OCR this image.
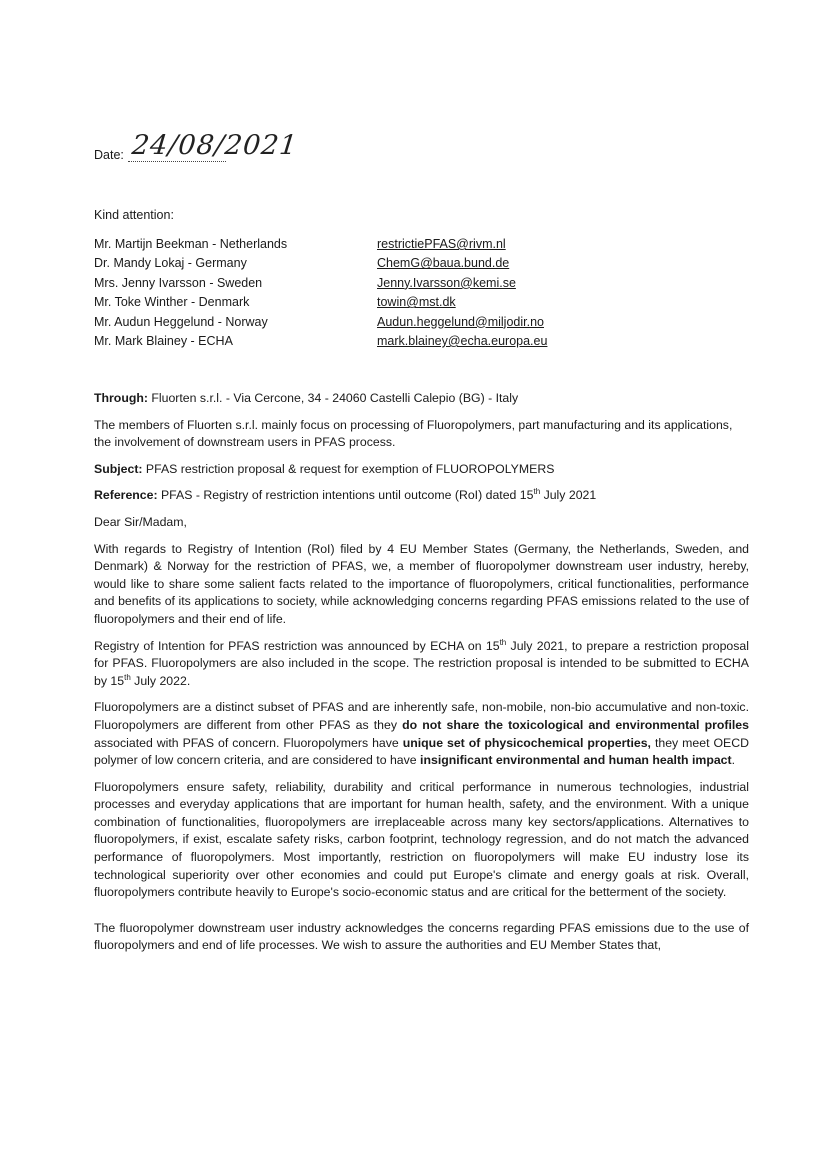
Date: 24/08/2021
Kind attention:
Mr. Martijn Beekman - Netherlands	restrictiePFAS@rivm.nl
Dr. Mandy Lokaj - Germany	ChemG@baua.bund.de
Mrs. Jenny Ivarsson - Sweden	Jenny.Ivarsson@kemi.se
Mr. Toke Winther - Denmark	towin@mst.dk
Mr. Audun Heggelund - Norway	Audun.heggelund@miljodir.no
Mr. Mark Blainey - ECHA	mark.blainey@echa.europa.eu

Through: Fluorten s.r.l. - Via Cercone, 34 - 24060 Castelli Calepio (BG) - Italy

The members of Fluorten s.r.l. mainly focus on processing of Fluoropolymers, part manufacturing and its applications, the involvement of downstream users in PFAS process.

Subject: PFAS restriction proposal & request for exemption of FLUOROPOLYMERS

Reference: PFAS - Registry of restriction intentions until outcome (RoI) dated 15th July 2021

Dear Sir/Madam,

With regards to Registry of Intention (RoI) filed by 4 EU Member States (Germany, the Netherlands, Sweden, and Denmark) & Norway for the restriction of PFAS, we, a member of fluoropolymer downstream user industry, hereby, would like to share some salient facts related to the importance of fluoropolymers, critical functionalities, performance and benefits of its applications to society, while acknowledging concerns regarding PFAS emissions related to the use of fluoropolymers and their end of life.

Registry of Intention for PFAS restriction was announced by ECHA on 15th July 2021, to prepare a restriction proposal for PFAS. Fluoropolymers are also included in the scope. The restriction proposal is intended to be submitted to ECHA by 15th July 2022.

Fluoropolymers are a distinct subset of PFAS and are inherently safe, non-mobile, non-bio accumulative and non-toxic. Fluoropolymers are different from other PFAS as they do not share the toxicological and environmental profiles associated with PFAS of concern. Fluoropolymers have unique set of physicochemical properties, they meet OECD polymer of low concern criteria, and are considered to have insignificant environmental and human health impact.

Fluoropolymers ensure safety, reliability, durability and critical performance in numerous technologies, industrial processes and everyday applications that are important for human health, safety, and the environment. With a unique combination of functionalities, fluoropolymers are irreplaceable across many key sectors/applications. Alternatives to fluoropolymers, if exist, escalate safety risks, carbon footprint, technology regression, and do not match the advanced performance of fluoropolymers. Most importantly, restriction on fluoropolymers will make EU industry lose its technological superiority over other economies and could put Europe's climate and energy goals at risk. Overall, fluoropolymers contribute heavily to Europe's socio-economic status and are critical for the betterment of the society.

The fluoropolymer downstream user industry acknowledges the concerns regarding PFAS emissions due to the use of fluoropolymers and end of life processes. We wish to assure the authorities and EU Member States that,
